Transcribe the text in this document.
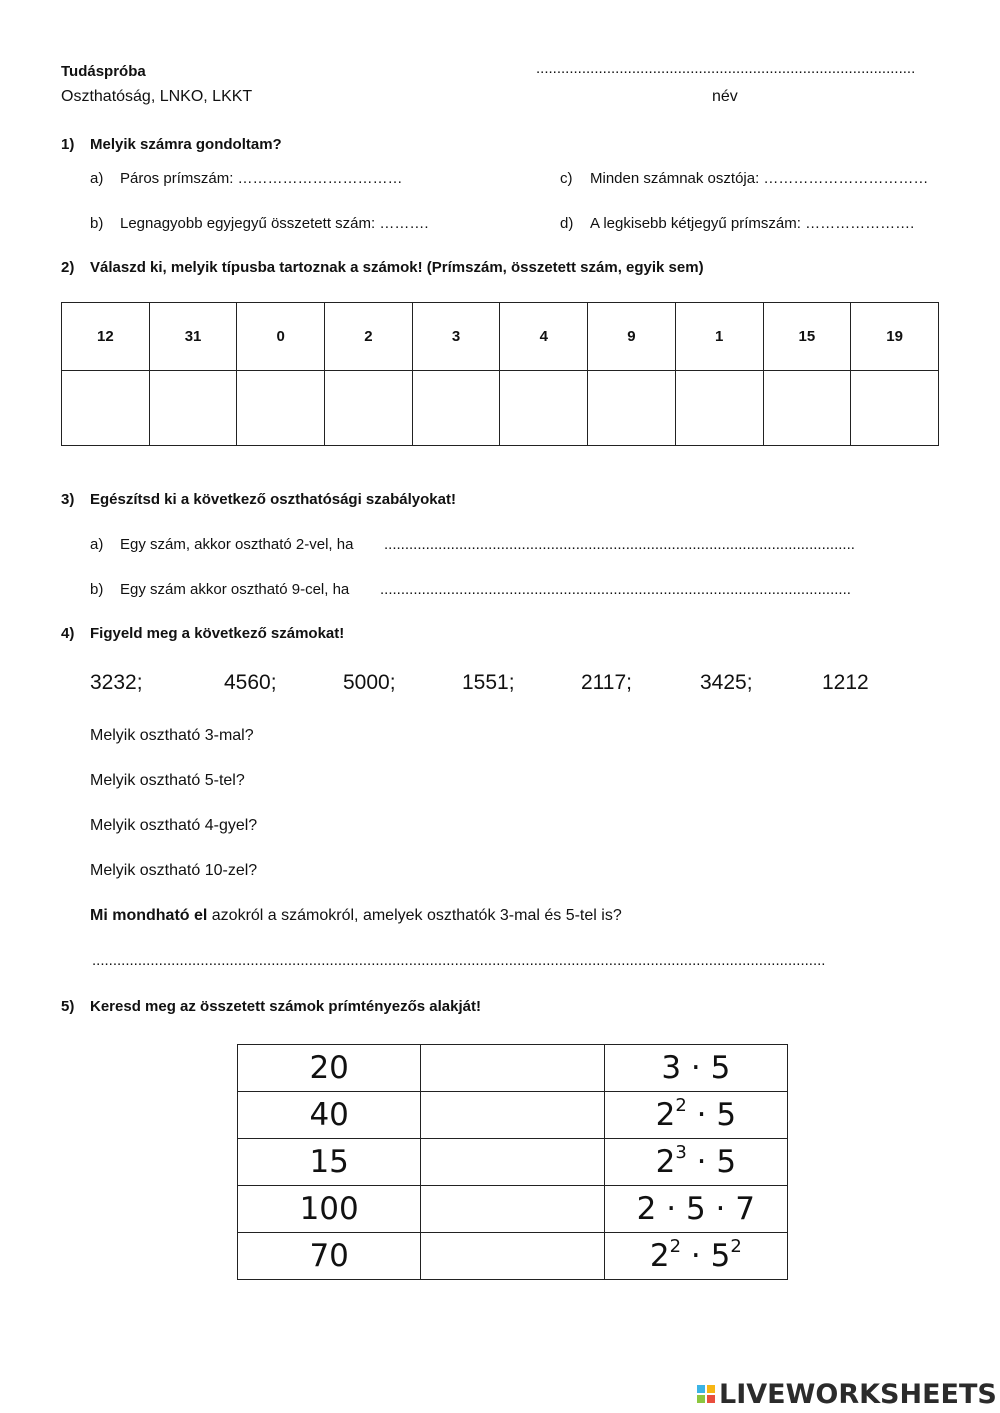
Tudáspróba
Oszthatóság, LNKO, LKKT
...........................................................................................
név
1) Melyik számra gondoltam?
a) Páros prímszám: ……………………………
b) Legnagyobb egyjegyű összetett szám: ……….
c) Minden számnak osztója: ……………………………
d) A legkisebb kétjegyű prímszám: ………………….
2) Válaszd ki, melyik típusba tartoznak a számok! (Prímszám, összetett szám, egyik sem)
12	31	0	2	3	4	9	1	15	19

3) Egészítsd ki a következő oszthatósági szabályokat!
a) Egy szám, akkor osztható 2-vel, ha .................................................................................................................
b) Egy szám akkor osztható 9-cel, ha .................................................................................................................
4) Figyeld meg a következő számokat!
3232;	4560;	5000;	1551;	2117;	3425;	1212
Melyik osztható 3-mal?
Melyik osztható 5-tel?
Melyik osztható 4-gyel?
Melyik osztható 10-zel?
Mi mondható el azokról a számokról, amelyek oszthatók 3-mal és 5-tel is?
................................................................................................................................................................................
5) Keresd meg az összetett számok prímtényezős alakját!
20		3 · 5
40		$2^2 \cdot 5$
15		$2^3 \cdot 5$
100		2 · 5 · 7
70		$2^2 \cdot 5^2$
LIVEWORKSHEETS
